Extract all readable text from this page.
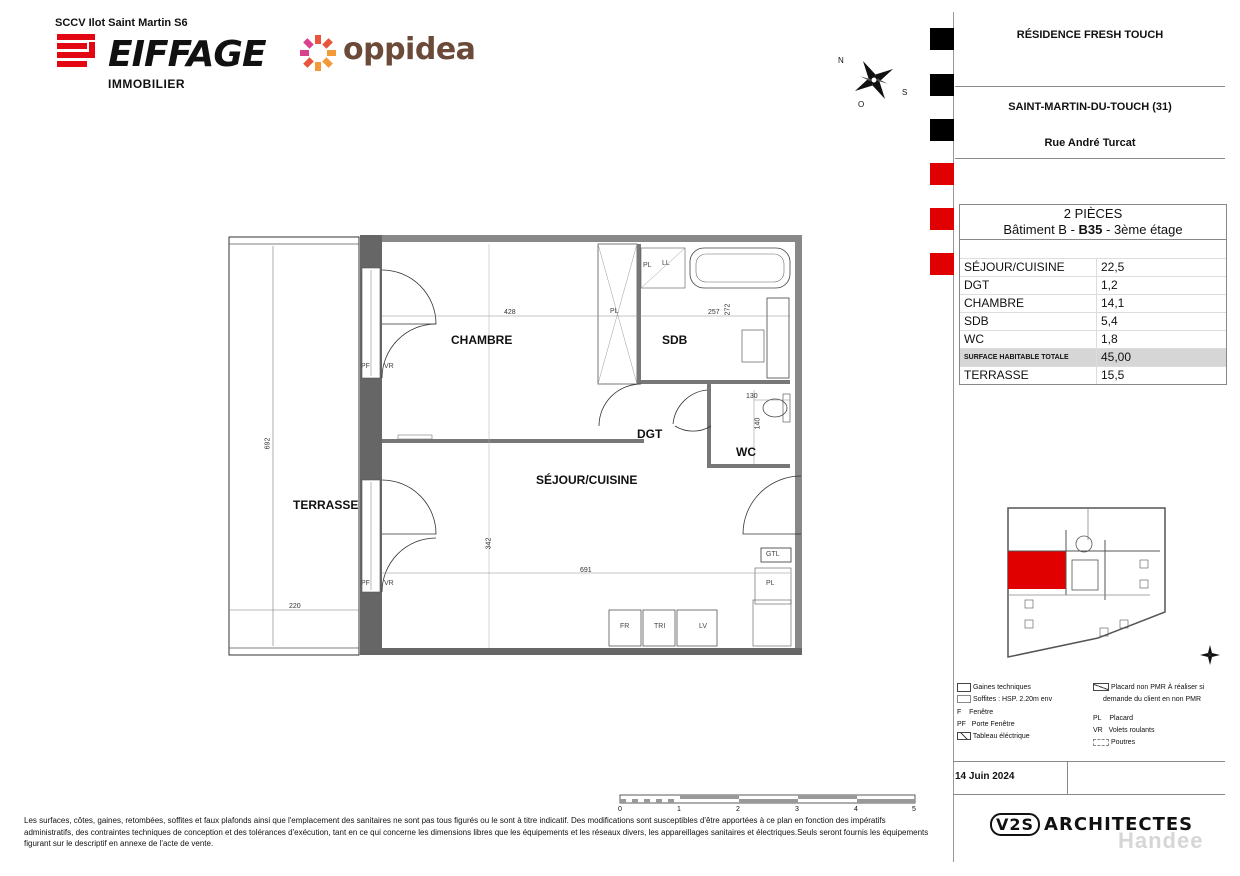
SCCV Ilot Saint Martin S6
EIFFAGE
IMMOBILIER
oppidea	N
S
O
CHAMBRE	SDB
DGT
WC
SÉJOUR/CUISINE
TERRASSE
428	257 272
692
220
342
691
130
140
PL LL
PL
PF VR
PF VR
GTL
PL
FR	TRI	LV
RÉSIDENCE FRESH TOUCH
SAINT-MARTIN-DU-TOUCH (31)
Rue André Turcat
2 PIÈCES
Bâtiment B - B35 - 3ème étage
SÉJOUR/CUISINE	22,5
DGT	1,2
CHAMBRE	14,1
SDB	5,4
WC	1,8
SURFACE HABITABLE TOTALE	45,00
TERRASSE	15,5
Gaines techniques
Soffites : HSP. 2.20m env
F Fenêtre
PF Porte Fenêtre
Tableau éléctrique
Placard non PMR À réaliser si
demande du client en non PMR
PL Placard
VR Volets roulants
Poutres
14 Juin 2024
0	1	2	3	4	5
Les surfaces, côtes, gaines, retombées, soffites et faux plafonds ainsi que l'emplacement des sanitaires ne sont pas tous figurés ou le sont à titre indicatif. Des modifications sont susceptibles d'être apportées à ce plan en fonction des impératifs administratifs, des contraintes techniques de conception et des tolérances d'exécution, tant en ce qui concerne les dimensions libres que les équipements et les réseaux divers, les appareillages sanitaires et électriques.Seuls seront fournis les équipements figurant sur le descriptif en annexe de l'acte de vente.
V2S ARCHITECTES
Handee
